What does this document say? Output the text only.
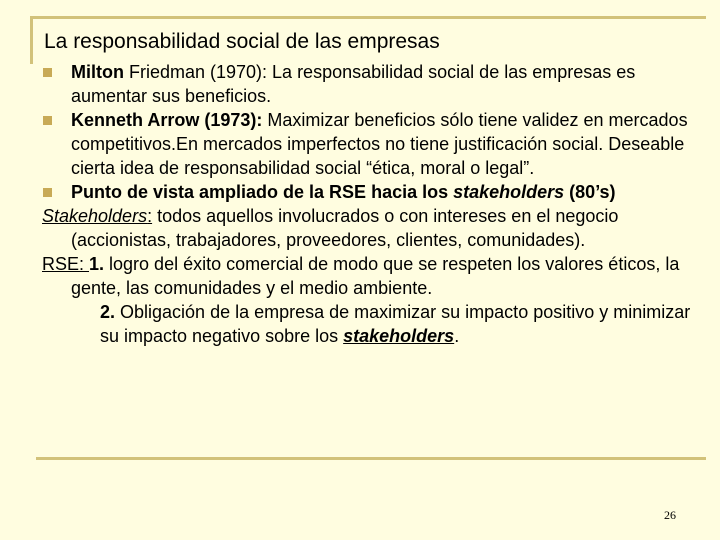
La responsabilidad social de las empresas
Milton Friedman (1970): La responsabilidad social de las empresas es aumentar sus beneficios.
Kenneth Arrow (1973): Maximizar beneficios sólo tiene validez en mercados competitivos.En mercados imperfectos no tiene justificación social. Deseable cierta idea de responsabilidad social “ética, moral o legal”.
Punto de vista ampliado de la RSE hacia los stakeholders (80’s)
Stakeholders: todos aquellos involucrados o con intereses en el negocio (accionistas, trabajadores, proveedores, clientes, comunidades).
RSE: 1. logro del éxito comercial de modo que se respeten los valores éticos, la gente, las comunidades y el medio ambiente.
2. Obligación de la empresa de maximizar su impacto positivo y minimizar su impacto negativo sobre los stakeholders.
26
